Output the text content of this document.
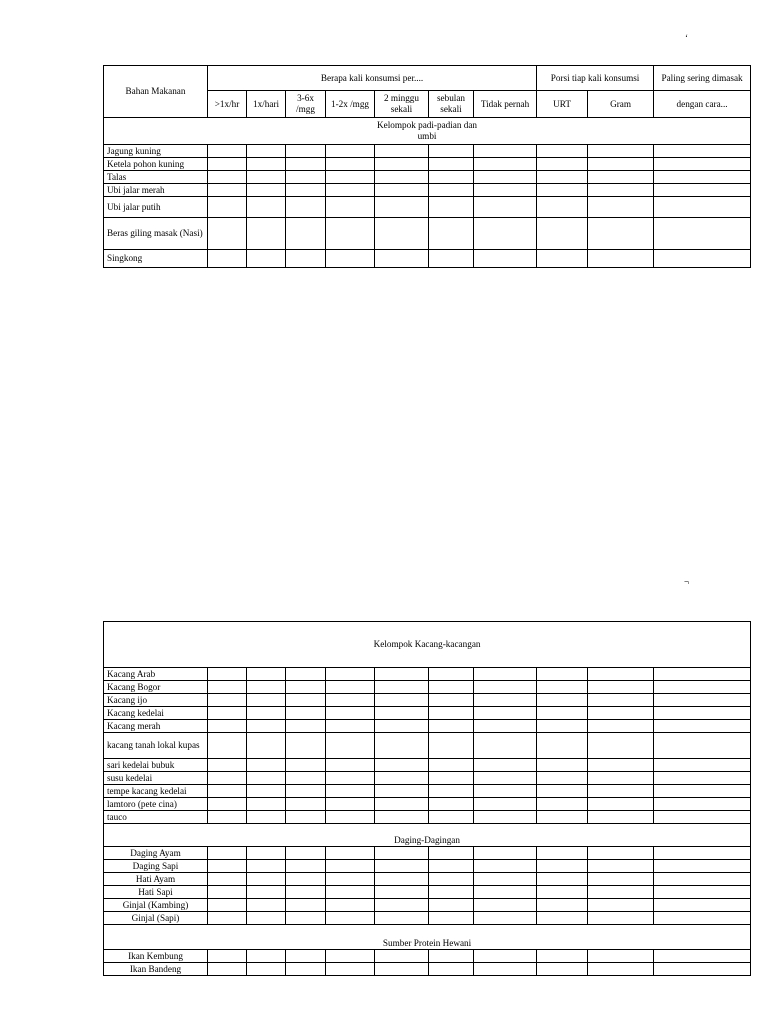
‘
¬
Bahan Makanan	Berapa kali konsumsi per....							Porsi tiap kali konsumsi		Paling sering dimasak
	>1x/hr	1x/hari	3-6x /mgg	1-2x /mgg	2 minggu sekali	sebulan sekali	Tidak pernah	URT	Gram	dengan cara...
Kelompok padi-padian dan umbi										
Jagung kuning										
Ketela pohon kuning										
Talas										
Ubi jalar merah										
Ubi jalar putih										
Beras giling masak (Nasi)										
Singkong										
Kelompok Kacang-kacangan										
Kacang Arab										
Kacang Bogor										
Kacang ijo										
Kacang kedelai										
Kacang merah										
kacang tanah lokal kupas										
sari kedelai bubuk										
susu kedelai										
tempe kacang kedelai										
lamtoro (pete cina)										
tauco										
Daging-Dagingan										
Daging Ayam										
Daging Sapi										
Hati Ayam										
Hati Sapi										
Ginjal (Kambing)										
Ginjal (Sapi)										
Sumber Protein Hewani										
Ikan Kembung										
Ikan Bandeng										
